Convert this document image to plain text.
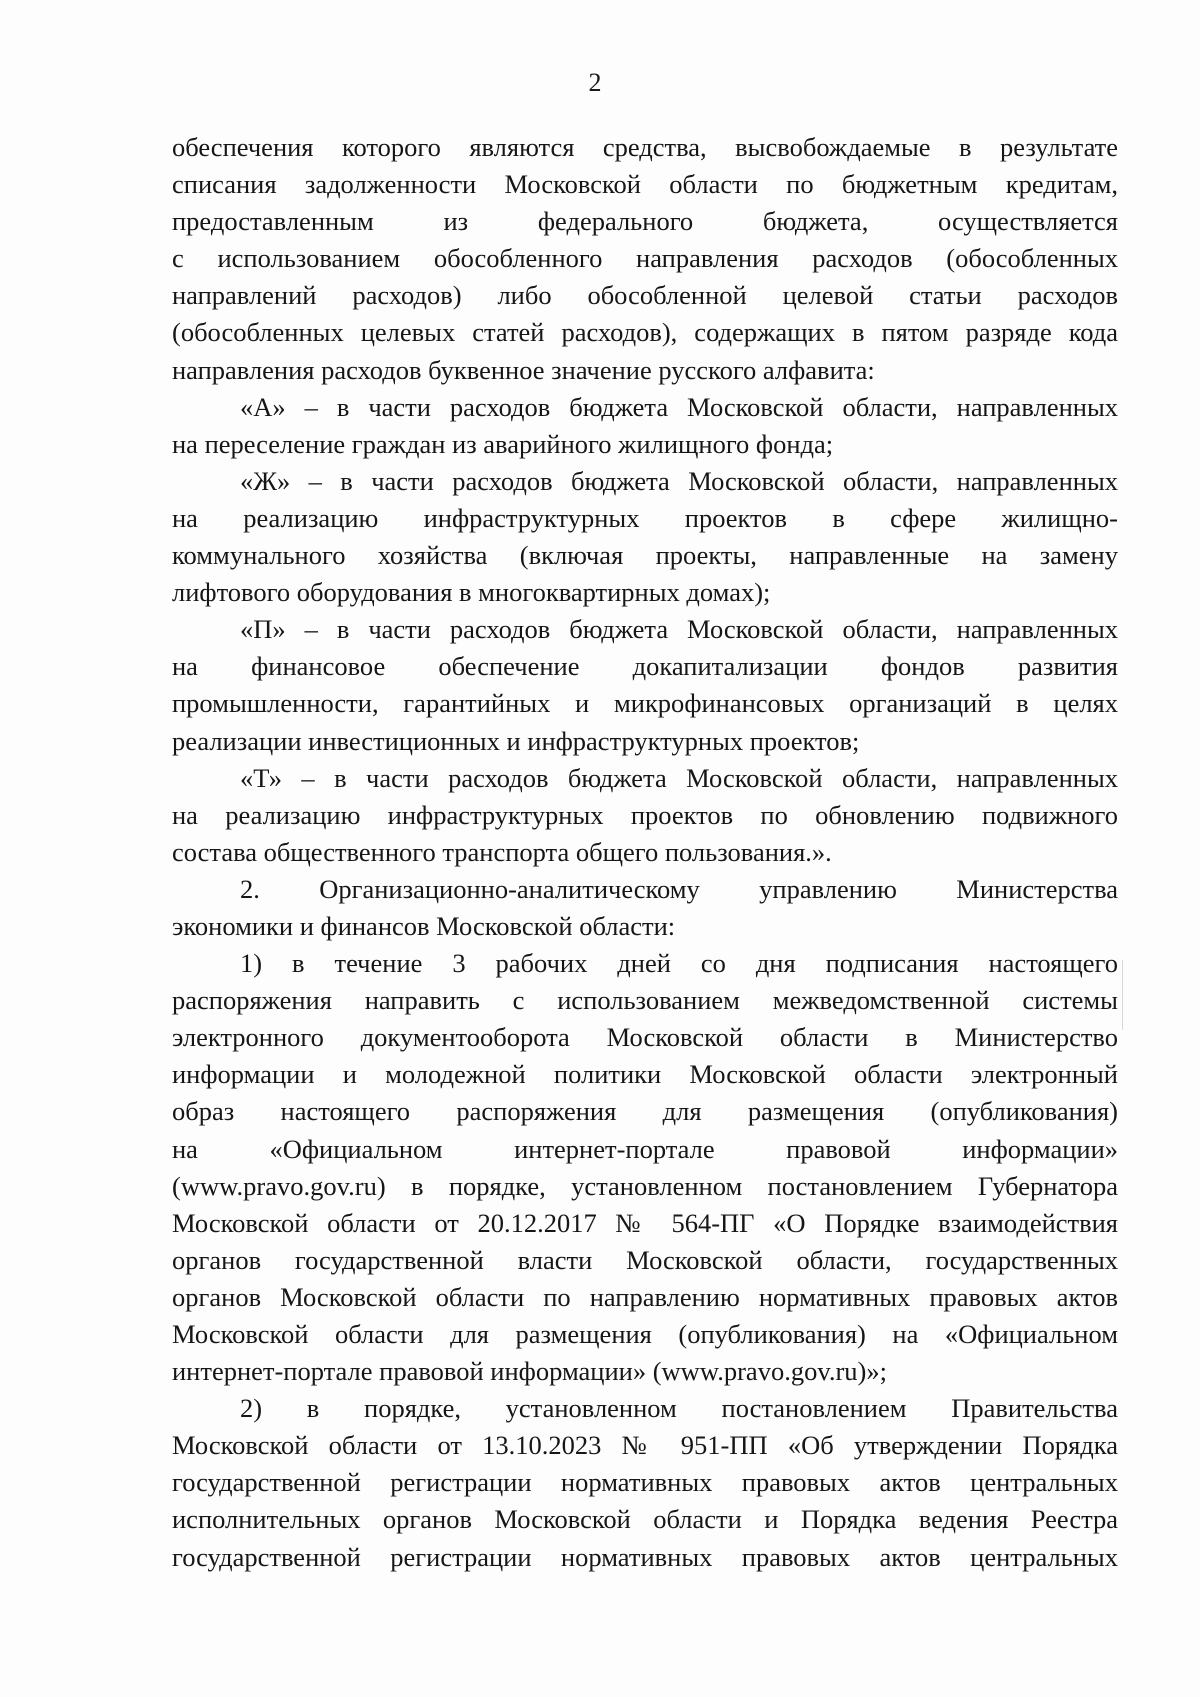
2
обеспечения которого являются средства, высвобождаемые в результате
списания задолженности Московской области по бюджетным кредитам,
предоставленным из федерального бюджета, осуществляется
с использованием обособленного направления расходов (обособленных
направлений расходов) либо обособленной целевой статьи расходов
(обособленных целевых статей расходов), содержащих в пятом разряде кода
направления расходов буквенное значение русского алфавита:
«А» – в части расходов бюджета Московской области, направленных
на переселение граждан из аварийного жилищного фонда;
«Ж» – в части расходов бюджета Московской области, направленных
на реализацию инфраструктурных проектов в сфере жилищно-
коммунального хозяйства (включая проекты, направленные на замену
лифтового оборудования в многоквартирных домах);
«П» – в части расходов бюджета Московской области, направленных
на финансовое обеспечение докапитализации фондов развития
промышленности, гарантийных и микрофинансовых организаций в целях
реализации инвестиционных и инфраструктурных проектов;
«Т» – в части расходов бюджета Московской области, направленных
на реализацию инфраструктурных проектов по обновлению подвижного
состава общественного транспорта общего пользования.».
2. Организационно-аналитическому управлению Министерства
экономики и финансов Московской области:
1) в течение 3 рабочих дней со дня подписания настоящего
распоряжения направить с использованием межведомственной системы
электронного документооборота Московской области в Министерство
информации и молодежной политики Московской области электронный
образ настоящего распоряжения для размещения (опубликования)
на «Официальном интернет-портале правовой информации»
(www.pravo.gov.ru) в порядке, установленном постановлением Губернатора
Московской области от 20.12.2017 № 564-ПГ «О Порядке взаимодействия
органов государственной власти Московской области, государственных
органов Московской области по направлению нормативных правовых актов
Московской области для размещения (опубликования) на «Официальном
интернет-портале правовой информации» (www.pravo.gov.ru)»;
2) в порядке, установленном постановлением Правительства
Московской области от 13.10.2023 № 951-ПП «Об утверждении Порядка
государственной регистрации нормативных правовых актов центральных
исполнительных органов Московской области и Порядка ведения Реестра
государственной регистрации нормативных правовых актов центральных
